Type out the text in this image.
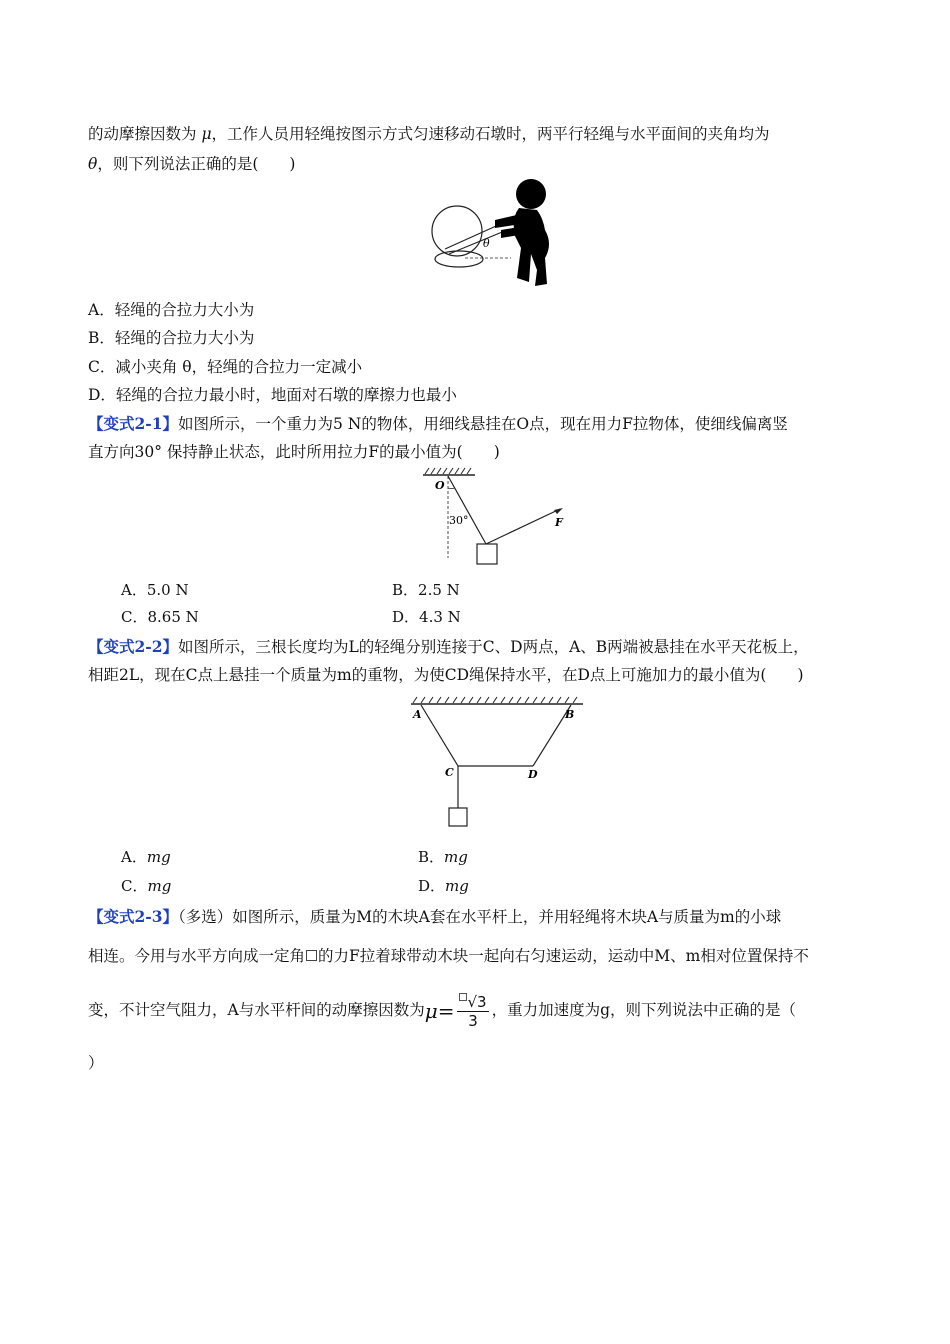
的动摩擦因数为 μ，工作人员用轻绳按图示方式匀速移动石墩时，两平行轻绳与水平面间的夹角均为
θ，则下列说法正确的是(　　)
θ
A．轻绳的合拉力大小为
B．轻绳的合拉力大小为
C．减小夹角 θ，轻绳的合拉力一定减小
D．轻绳的合拉力最小时，地面对石墩的摩擦力也最小
【变式2-1】如图所示，一个重力为5 N的物体，用细线悬挂在O点，现在用力F拉物体，使细线偏离竖
直方向30° 保持静止状态，此时所用拉力F的最小值为(　　)
O
30°	F
A．5.0 N	B．2.5 N
C．8.65 N	D．4.3 N
【变式2-2】如图所示，三根长度均为L的轻绳分别连接于C、D两点，A、B两端被悬挂在水平天花板上，
相距2L，现在C点上悬挂一个质量为m的重物，为使CD绳保持水平，在D点上可施加力的最小值为(　　)
A	B
C	D
A．mg	B．mg
C．mg	D．mg
【变式2-3】（多选）如图所示，质量为M的木块A套在水平杆上，并用轻绳将木块A与质量为m的小球
相连。今用与水平方向成一定角 的力F拉着球带动木块一起向右匀速运动，运动中M、m相对位置保持不
变，不计空气阻力，A与水平杆间的动摩擦因数为$\mu= \frac{√3}{3}$ ，重力加速度为g，则下列说法中正确的是（
）
